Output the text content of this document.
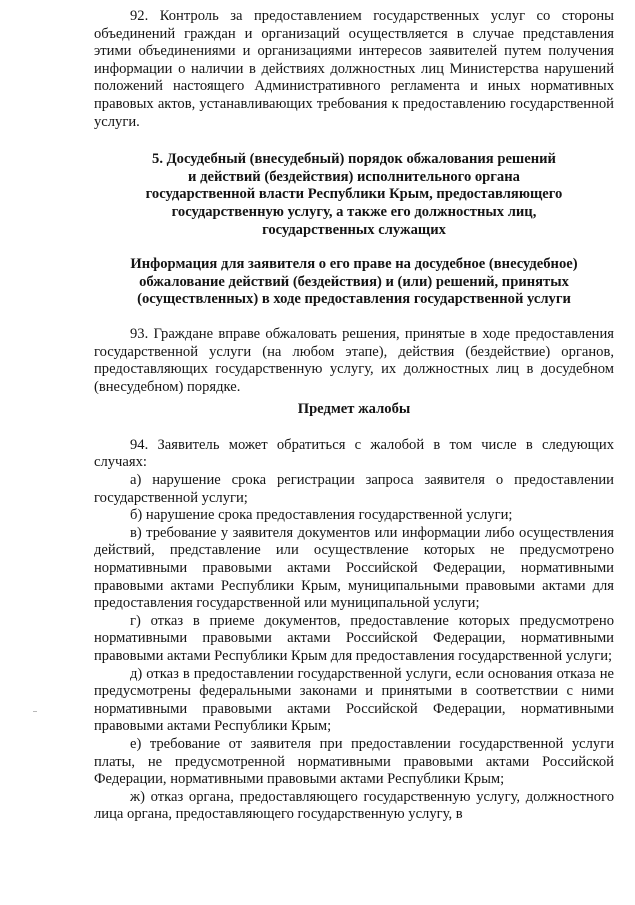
92. Контроль за предоставлением государственных услуг со стороны объединений граждан и организаций осуществляется в случае представления этими объединениями и организациями интересов заявителей путем получения информации о наличии в действиях должностных лиц Министерства нарушений положений настоящего Административного регламента и иных нормативных правовых актов, устанавливающих требования к предоставлению государственной услуги.

5. Досудебный (внесудебный) порядок обжалования решений
и действий (бездействия) исполнительного органа
государственной власти Республики Крым, предоставляющего
государственную услугу, а также его должностных лиц,
государственных служащих
Информация для заявителя о его праве на досудебное (внесудебное)
обжалование действий (бездействия) и (или) решений, принятых
(осуществленных) в ходе предоставления государственной услуги

93. Граждане вправе обжаловать решения, принятые в ходе предоставления государственной услуги (на любом этапе), действия (бездействие) органов, предоставляющих государственную услугу, их должностных лиц в досудебном (внесудебном) порядке.

Предмет жалобы

94. Заявитель может обратиться с жалобой в том числе в следующих случаях:

а) нарушение срока регистрации запроса заявителя о предоставлении государственной услуги;

б) нарушение срока предоставления государственной услуги;

в) требование у заявителя документов или информации либо осуществления действий, представление или осуществление которых не предусмотрено нормативными правовыми актами Российской Федерации, нормативными правовыми актами Республики Крым, муниципальными правовыми актами для предоставления государственной или муниципальной услуги;

г) отказ в приеме документов, предоставление которых предусмотрено нормативными правовыми актами Российской Федерации, нормативными правовыми актами Республики Крым для предоставления государственной услуги;

д) отказ в предоставлении государственной услуги, если основания отказа не предусмотрены федеральными законами и принятыми в соответствии с ними нормативными правовыми актами Российской Федерации, нормативными правовыми актами Республики Крым;

е) требование от заявителя при предоставлении государственной услуги платы, не предусмотренной нормативными правовыми актами Российской Федерации, нормативными правовыми актами Республики Крым;

ж) отказ органа, предоставляющего государственную услугу, должностного лица органа, предоставляющего государственную услугу, в
